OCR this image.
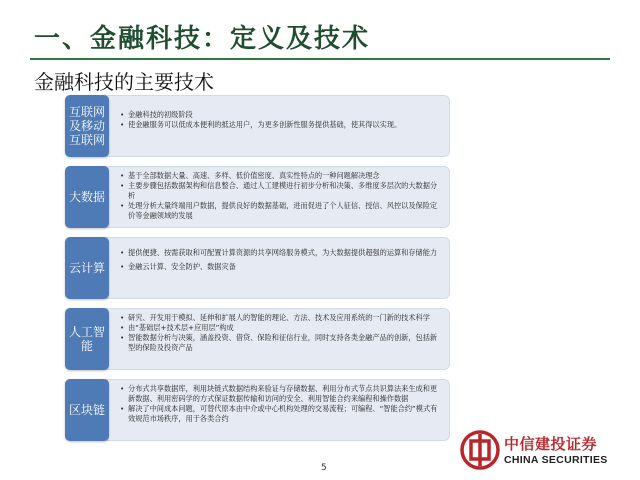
一、金融科技：定义及技术
金融科技的主要技术
互联网及移动互联网
• 金融科技的初级阶段
• 使金融服务可以低成本便利的抵达用户，为更多创新性服务提供基础，使其得以实现。
大数据
• 基于全部数据大量、高速、多样、低价值密度、真实性特点的一种问题解决理念
• 主要步骤包括数据架构和信息整合、通过人工建模进行初步分析和决策、多维度多层次的大数据分析
• 处理分析大量终端用户数据，提供良好的数据基础，进而促进了个人征信、授信、风控以及保险定价等金融领域的发展
云计算
• 提供便捷、按需获取和可配置计算资源的共享网络服务模式，为大数据提供超强的运算和存储能力
• 金融云计算、安全防护、数据灾备
人工智能
• 研究、开发用于模拟、延伸和扩展人的智能的理论、方法、技术及应用系统的一门新的技术科学
• 由“基础层+技术层+应用层”构成
• 智能数据分析与决策，涵盖投资、借贷、保险和征信行业，同时支持各类金融产品的创新，包括新型的保险及投资产品
区块链
• 分布式共享数据库，利用块链式数据结构来验证与存储数据、利用分布式节点共识算法来生成和更新数据、利用密码学的方式保证数据传输和访问的安全、利用智能合约来编程和操作数据
• 解决了中间成本问题，可替代原本由中介或中心机构处理的交易流程；可编程、“智能合约”模式有效规范市场秩序，用于各类合约
5
中信建投证券
CHINA SECURITIES
